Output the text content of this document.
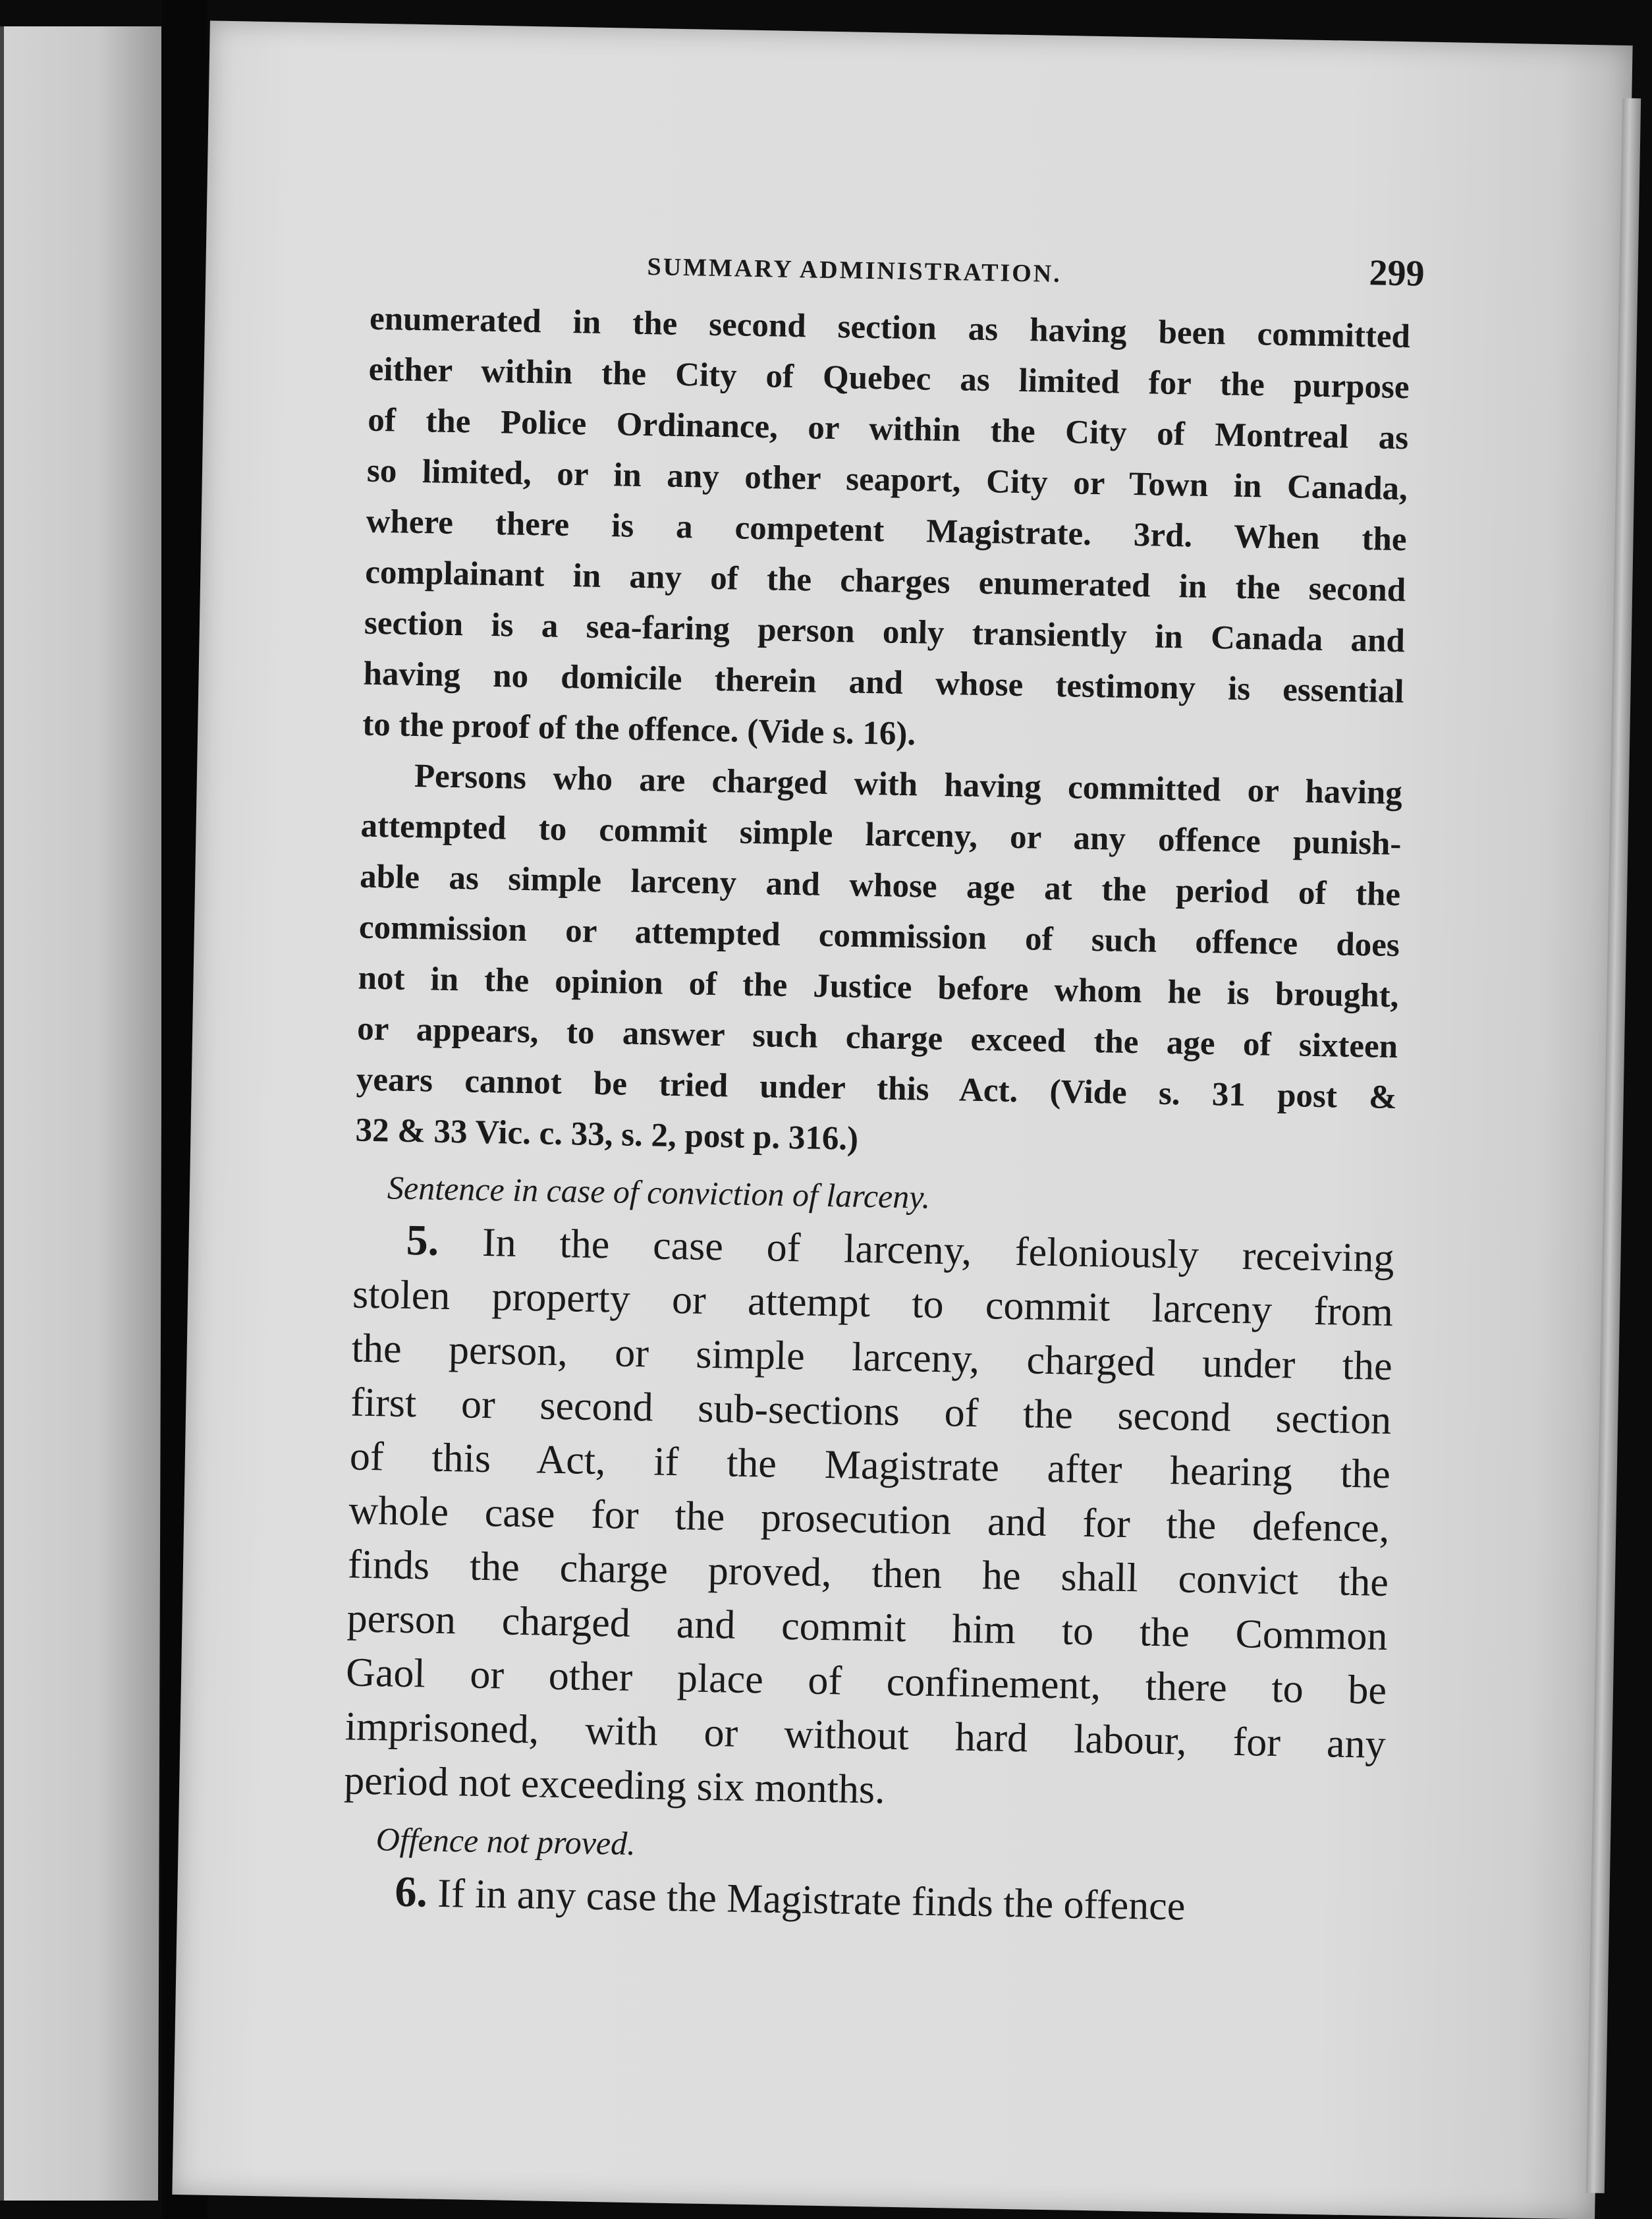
SUMMARY ADMINISTRATION.	299

enumerated in the second section as having been committed
either within the City of Quebec as limited for the purpose
of the Police Ordinance, or within the City of Montreal as
so limited, or in any other seaport, City or Town in Canada,
where there is a competent Magistrate. 3rd. When the
complainant in any of the charges enumerated in the second
section is a sea-faring person only transiently in Canada and
having no domicile therein and whose testimony is essential
to the proof of the offence. (Vide s. 16).

Persons who are charged with having committed or having
attempted to commit simple larceny, or any offence punish-
able as simple larceny and whose age at the period of the
commission or attempted commission of such offence does
not in the opinion of the Justice before whom he is brought,
or appears, to answer such charge exceed the age of sixteen
years cannot be tried under this Act. (Vide s. 31 post &
32 & 33 Vic. c. 33, s. 2, post p. 316.)

Sentence in case of conviction of larceny.

5. In the case of larceny, feloniously receiving
stolen property or attempt to commit larceny from
the person, or simple larceny, charged under the
first or second sub-sections of the second section
of this Act, if the Magistrate after hearing the
whole case for the prosecution and for the defence,
finds the charge proved, then he shall convict the
person charged and commit him to the Common
Gaol or other place of confinement, there to be
imprisoned, with or without hard labour, for any
period not exceeding six months.

Offence not proved.

6. If in any case the Magistrate finds the offence
